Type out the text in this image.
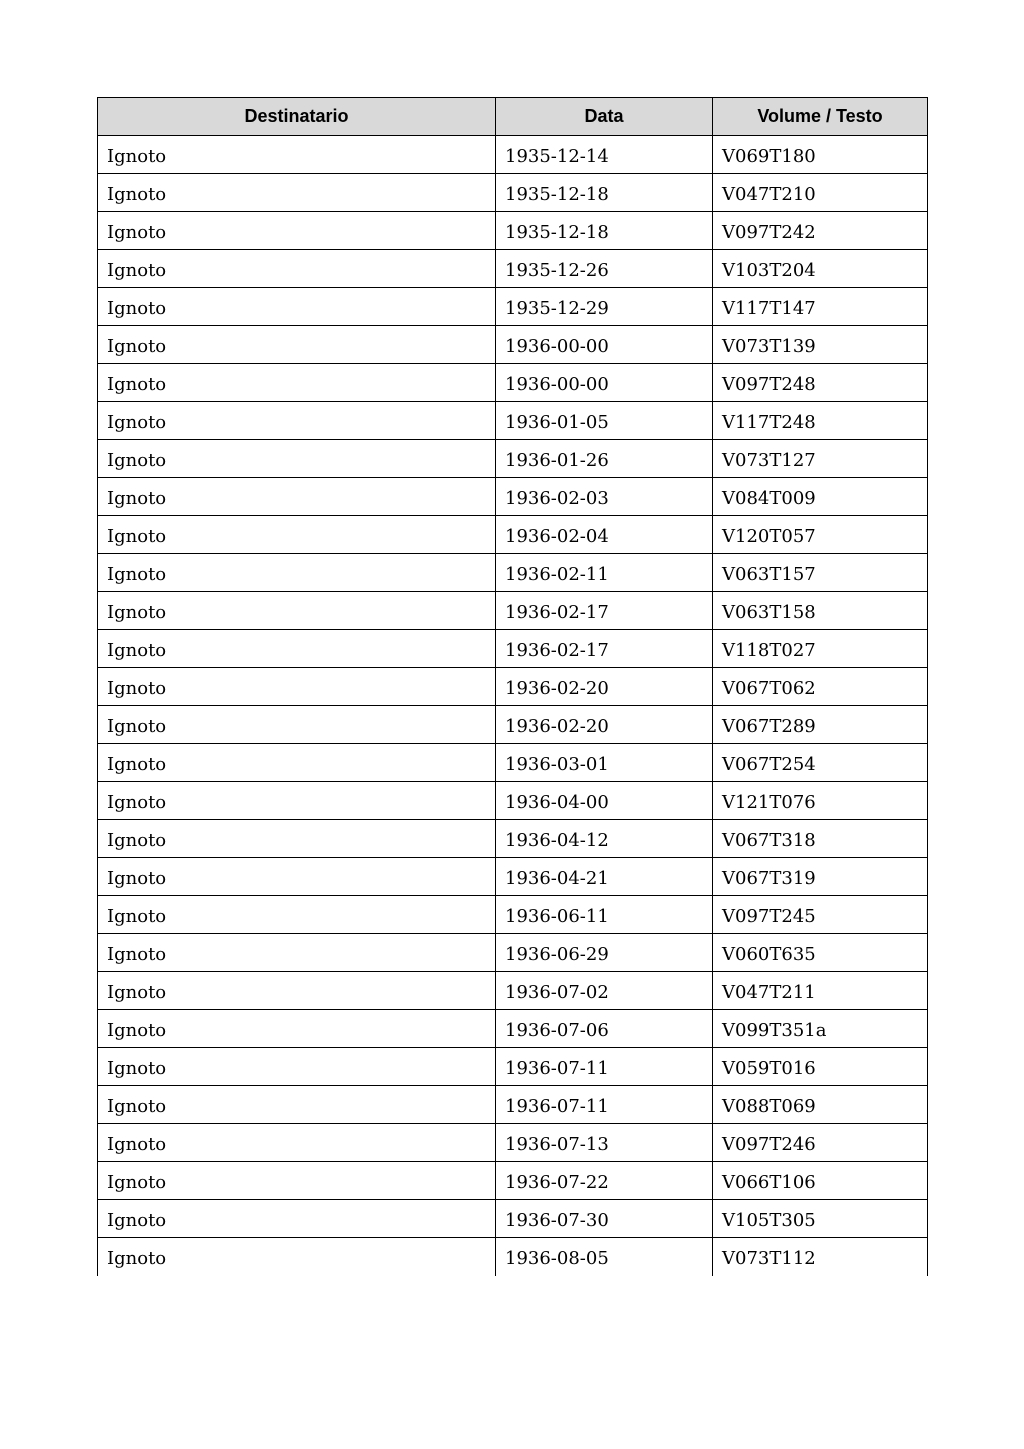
Destinatario	Data	Volume / Testo
Ignoto	1935-12-14	V069T180
Ignoto	1935-12-18	V047T210
Ignoto	1935-12-18	V097T242
Ignoto	1935-12-26	V103T204
Ignoto	1935-12-29	V117T147
Ignoto	1936-00-00	V073T139
Ignoto	1936-00-00	V097T248
Ignoto	1936-01-05	V117T248
Ignoto	1936-01-26	V073T127
Ignoto	1936-02-03	V084T009
Ignoto	1936-02-04	V120T057
Ignoto	1936-02-11	V063T157
Ignoto	1936-02-17	V063T158
Ignoto	1936-02-17	V118T027
Ignoto	1936-02-20	V067T062
Ignoto	1936-02-20	V067T289
Ignoto	1936-03-01	V067T254
Ignoto	1936-04-00	V121T076
Ignoto	1936-04-12	V067T318
Ignoto	1936-04-21	V067T319
Ignoto	1936-06-11	V097T245
Ignoto	1936-06-29	V060T635
Ignoto	1936-07-02	V047T211
Ignoto	1936-07-06	V099T351a
Ignoto	1936-07-11	V059T016
Ignoto	1936-07-11	V088T069
Ignoto	1936-07-13	V097T246
Ignoto	1936-07-22	V066T106
Ignoto	1936-07-30	V105T305
Ignoto	1936-08-05	V073T112
